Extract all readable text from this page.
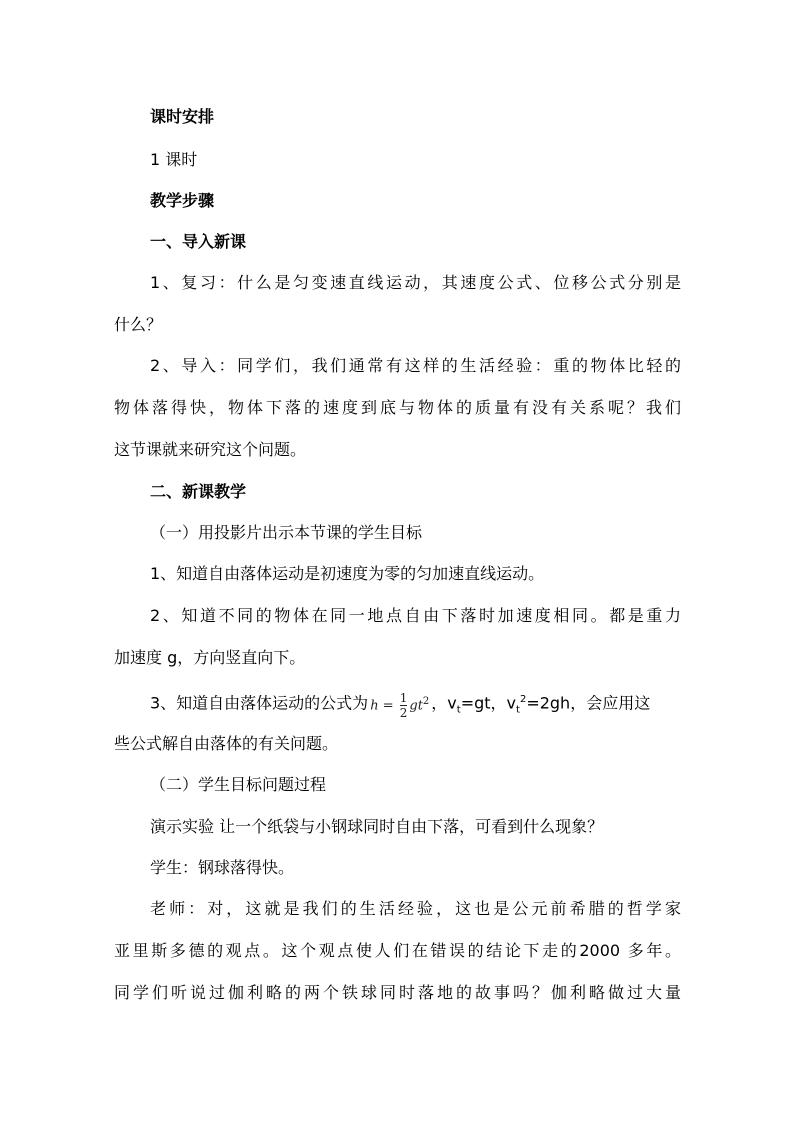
课时安排
1 课时
教学步骤
一、导入新课
1、复习：什么是匀变速直线运动，其速度公式、位移公式分别是
什么？
2、导入：同学们，我们通常有这样的生活经验：重的物体比轻的
物体落得快，物体下落的速度到底与物体的质量有没有关系呢？我们
这节课就来研究这个问题。
二、新课教学
（一）用投影片出示本节课的学生目标
1、知道自由落体运动是初速度为零的匀加速直线运动。
2、知道不同的物体在同一地点自由下落时加速度相同。都是重力
加速度 g，方向竖直向下。
3、知道自由落体运动的公式为 $h = \frac{1}{2} gt^2$ ，$v_t=gt$，$v_t^2=2gh$，会应用这
些公式解自由落体的有关问题。
（二）学生目标问题过程
演示实验 让一个纸袋与小钢球同时自由下落，可看到什么现象？
学生：钢球落得快。
老师：对，这就是我们的生活经验，这也是公元前希腊的哲学家
亚里斯多德的观点。这个观点使人们在错误的结论下走的2000 多年。
同学们听说过伽利略的两个铁球同时落地的故事吗？伽利略做过大量
